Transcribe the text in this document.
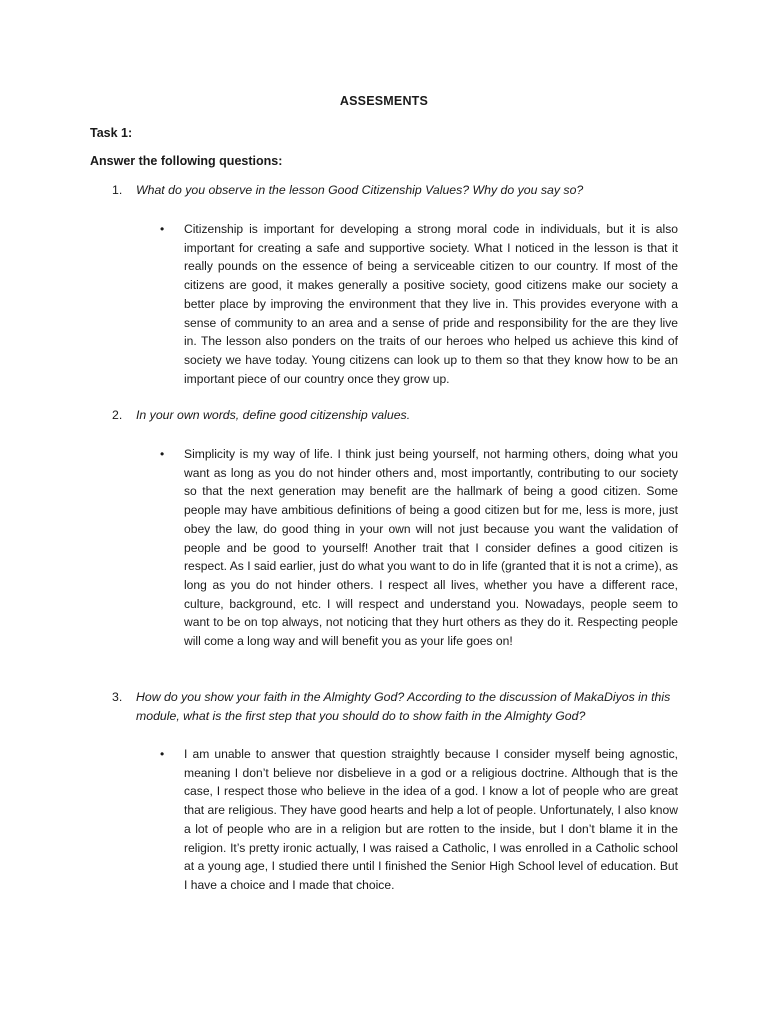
ASSESMENTS
Task 1:
Answer the following questions:
1. What do you observe in the lesson Good Citizenship Values? Why do you say so?
• Citizenship is important for developing a strong moral code in individuals, but it is also important for creating a safe and supportive society. What I noticed in the lesson is that it really pounds on the essence of being a serviceable citizen to our country. If most of the citizens are good, it makes generally a positive society, good citizens make our society a better place by improving the environment that they live in. This provides everyone with a sense of community to an area and a sense of pride and responsibility for the are they live in. The lesson also ponders on the traits of our heroes who helped us achieve this kind of society we have today. Young citizens can look up to them so that they know how to be an important piece of our country once they grow up.
2. In your own words, define good citizenship values.
• Simplicity is my way of life. I think just being yourself, not harming others, doing what you want as long as you do not hinder others and, most importantly, contributing to our society so that the next generation may benefit are the hallmark of being a good citizen. Some people may have ambitious definitions of being a good citizen but for me, less is more, just obey the law, do good thing in your own will not just because you want the validation of people and be good to yourself! Another trait that I consider defines a good citizen is respect. As I said earlier, just do what you want to do in life (granted that it is not a crime), as long as you do not hinder others. I respect all lives, whether you have a different race, culture, background, etc. I will respect and understand you. Nowadays, people seem to want to be on top always, not noticing that they hurt others as they do it. Respecting people will come a long way and will benefit you as your life goes on!
3. How do you show your faith in the Almighty God? According to the discussion of MakaDiyos in this module, what is the first step that you should do to show faith in the Almighty God?
• I am unable to answer that question straightly because I consider myself being agnostic, meaning I don’t believe nor disbelieve in a god or a religious doctrine. Although that is the case, I respect those who believe in the idea of a god. I know a lot of people who are great that are religious. They have good hearts and help a lot of people. Unfortunately, I also know a lot of people who are in a religion but are rotten to the inside, but I don’t blame it in the religion. It’s pretty ironic actually, I was raised a Catholic, I was enrolled in a Catholic school at a young age, I studied there until I finished the Senior High School level of education. But I have a choice and I made that choice.
